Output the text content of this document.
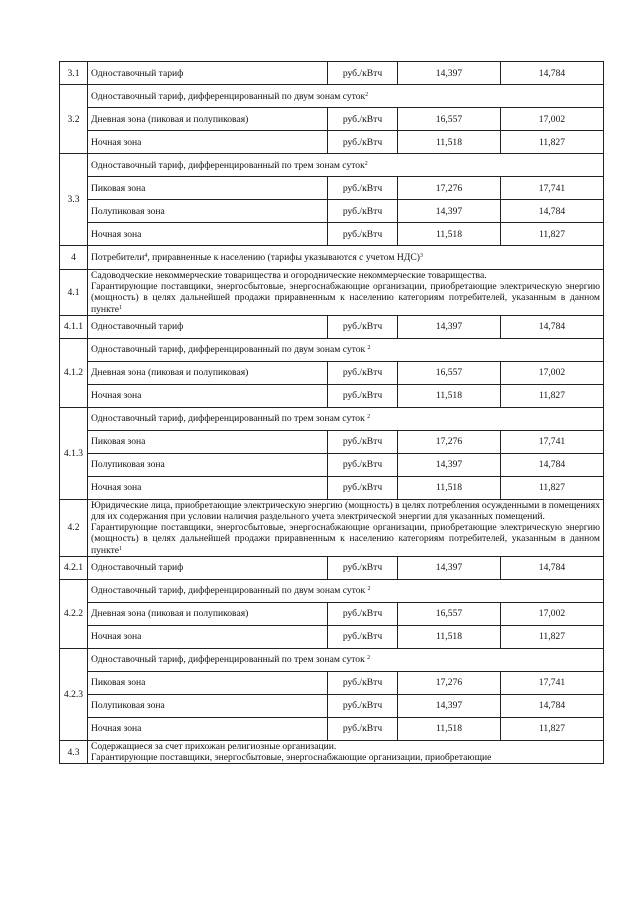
3.1	Одноставочный тариф	руб./кВтч	14,397	14,784
3.2	Одноставочный тариф, дифференцированный по двум зонам суток$^2$
	Дневная зона (пиковая и полупиковая)	руб./кВтч	16,557	17,002
	Ночная зона	руб./кВтч	11,518	11,827
3.3	Одноставочный тариф, дифференцированный по трем зонам суток$^2$
	Пиковая зона	руб./кВтч	17,276	17,741
	Полупиковая зона	руб./кВтч	14,397	14,784
	Ночная зона	руб./кВтч	11,518	11,827
4	Потребители$^4$, приравненные к населению (тарифы указываются с учетом НДС)$^3$
4.1	Садоводческие некоммерческие товарищества и огороднические некоммерческие товарищества.

Гарантирующие поставщики, энергосбытовые, энергоснабжающие организации, приобретающие электрическую энергию (мощность) в целях дальнейшей продажи приравненным к населению категориям потребителей, указанным в данном пункте$^1$

4.1.1	Одноставочный тариф	руб./кВтч	14,397	14,784
4.1.2	Одноставочный тариф, дифференцированный по двум зонам суток $^2$
	Дневная зона (пиковая и полупиковая)	руб./кВтч	16,557	17,002
	Ночная зона	руб./кВтч	11,518	11,827
4.1.3	Одноставочный тариф, дифференцированный по трем зонам суток $^2$
	Пиковая зона	руб./кВтч	17,276	17,741
	Полупиковая зона	руб./кВтч	14,397	14,784
	Ночная зона	руб./кВтч	11,518	11,827
4.2	Юридические лица, приобретающие электрическую энергию (мощность) в целях потребления осужденными в помещениях для их содержания при условии наличия раздельного учета электрической энергии для указанных помещений.

Гарантирующие поставщики, энергосбытовые, энергоснабжающие организации, приобретающие электрическую энергию (мощность) в целях дальнейшей продажи приравненным к населению категориям потребителей, указанным в данном пункте$^1$

4.2.1	Одноставочный тариф	руб./кВтч	14,397	14,784
4.2.2	Одноставочный тариф, дифференцированный по двум зонам суток $^2$
	Дневная зона (пиковая и полупиковая)	руб./кВтч	16,557	17,002
	Ночная зона	руб./кВтч	11,518	11,827
4.2.3	Одноставочный тариф, дифференцированный по трем зонам суток $^2$
	Пиковая зона	руб./кВтч	17,276	17,741
	Полупиковая зона	руб./кВтч	14,397	14,784
	Ночная зона	руб./кВтч	11,518	11,827
4.3	Содержащиеся за счет прихожан религиозные организации.

Гарантирующие поставщики, энергосбытовые, энергоснабжающие организации, приобретающие			
